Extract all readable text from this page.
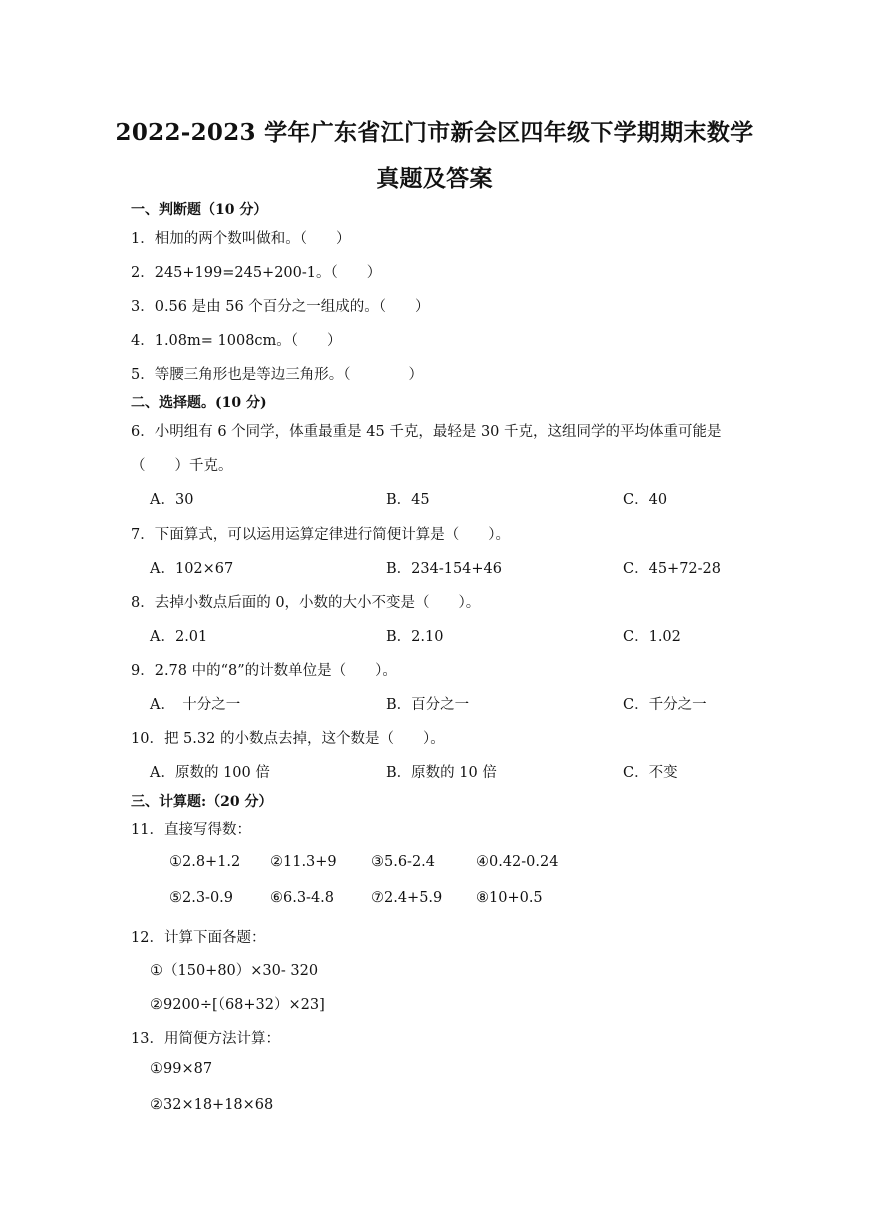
2022-2023 学年广东省江门市新会区四年级下学期期末数学
真题及答案
一、判断题（10 分）
1．相加的两个数叫做和。（　　）
2．245+199=245+200-1。（　　）
3．0.56 是由 56 个百分之一组成的。（　　）
4．1.08m= 1008cm。（　　）
5．等腰三角形也是等边三角形。（　　　　）
二、选择题。(10 分)
6．小明组有 6 个同学，体重最重是 45 千克，最轻是 30 千克，这组同学的平均体重可能是
（　　）千克。
A．30	B．45	C．40
7．下面算式，可以运用运算定律进行简便计算是（　　）。
A．102×67	B．234-154+46	C．45+72-28
8．去掉小数点后面的 0，小数的大小不变是（　　）。
A．2.01	B．2.10	C．1.02
9．2.78 中的“8”的计数单位是（　　）。
A．　十分之一	B．百分之一	C．千分之一
10．把 5.32 的小数点去掉，这个数是（　　）。
A．原数的 100 倍	B．原数的 10 倍	C．不变
三、计算题:（20 分）
11．直接写得数：
①2.8+1.2 ②11.3+9 ③5.6-2.4	④0.42-0.24
⑤2.3-0.9	⑥6.3-4.8	⑦2.4+5.9 ⑧10+0.5
12．计算下面各题：
①（150+80）×30- 320
②9200÷[（68+32）×23]
13．用简便方法计算：
①99×87
②32×18+18×68
